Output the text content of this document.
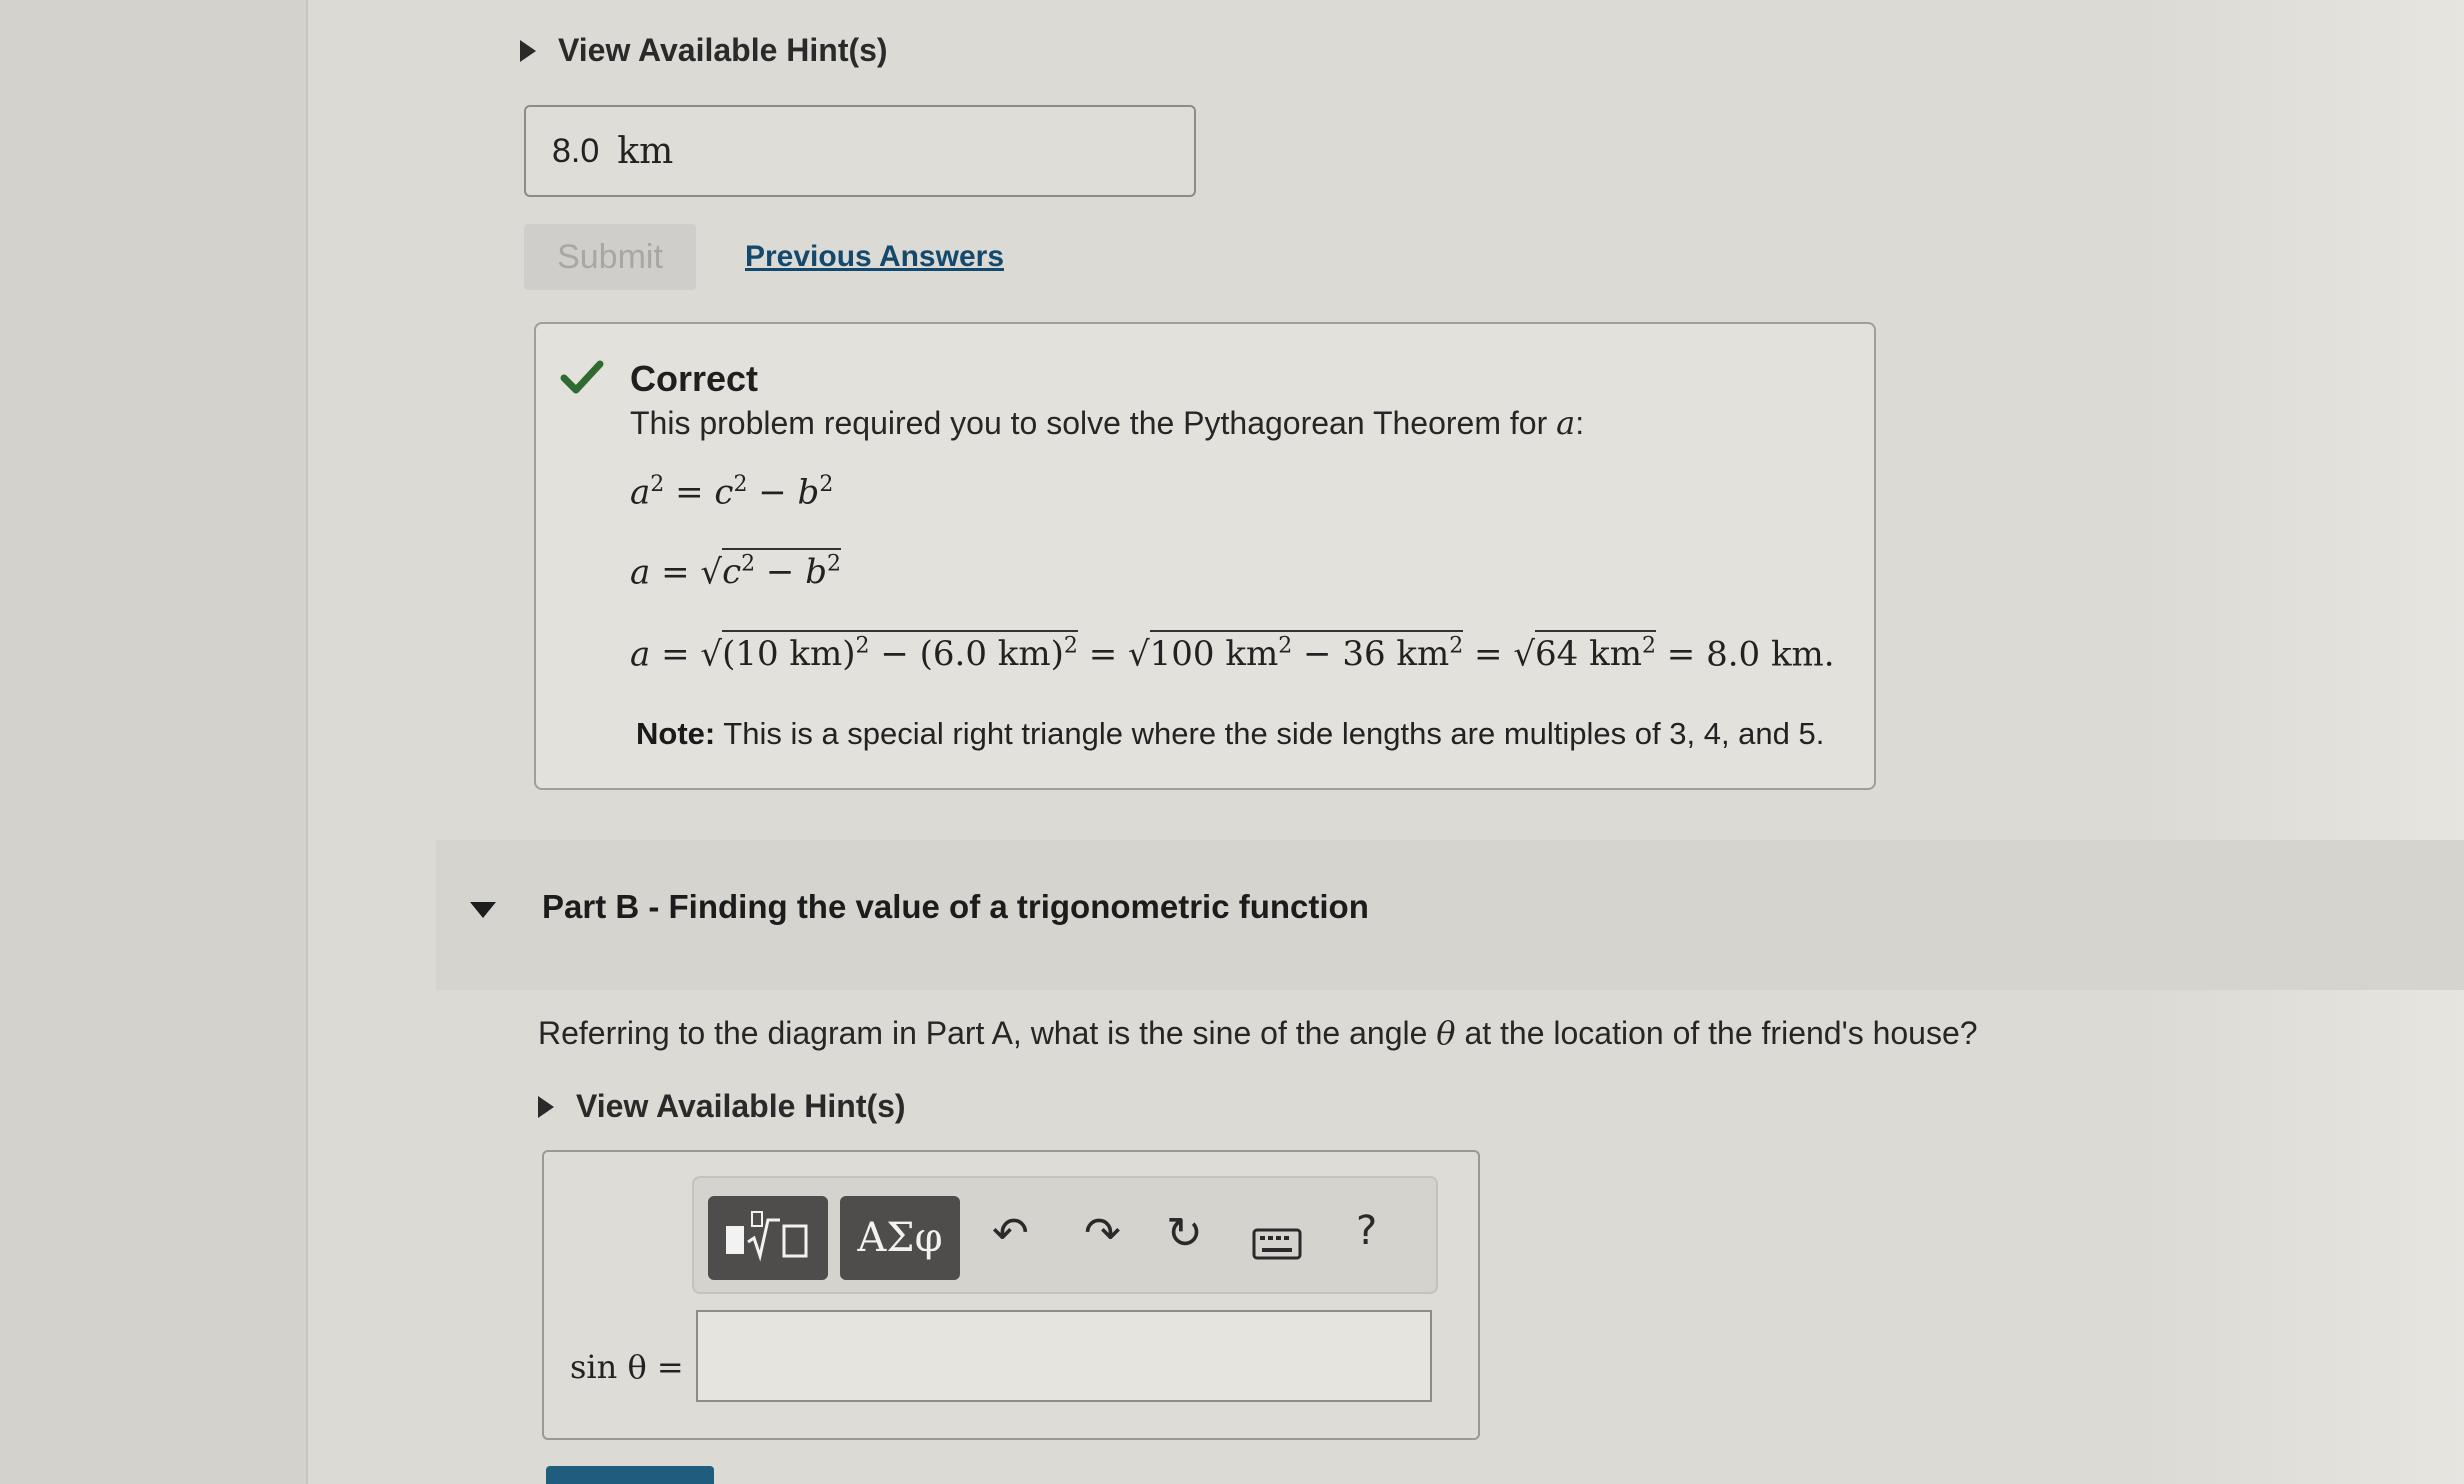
View Available Hint(s)
8.0 km
Submit	Previous Answers
Correct
This problem required you to solve the Pythagorean Theorem for a:
$a^2 = c^2 - b^2$
$a = √c^2 - b^2$
a = √(10 km)$^2$ − (6.0 km)$^2$ = √100 $km^2 - 36$ $km^2 = √64$ $km^2 = 8.0$ km.
Note: This is a special right triangle where the side lengths are multiples of 3, 4, and 5.
Part B - Finding the value of a trigonometric function
Referring to the diagram in Part A, what is the sine of the angle θ at the location of the friend's house?
View Available Hint(s)
ΑΣφ	↶ ↷ ↻	?
sin θ =
